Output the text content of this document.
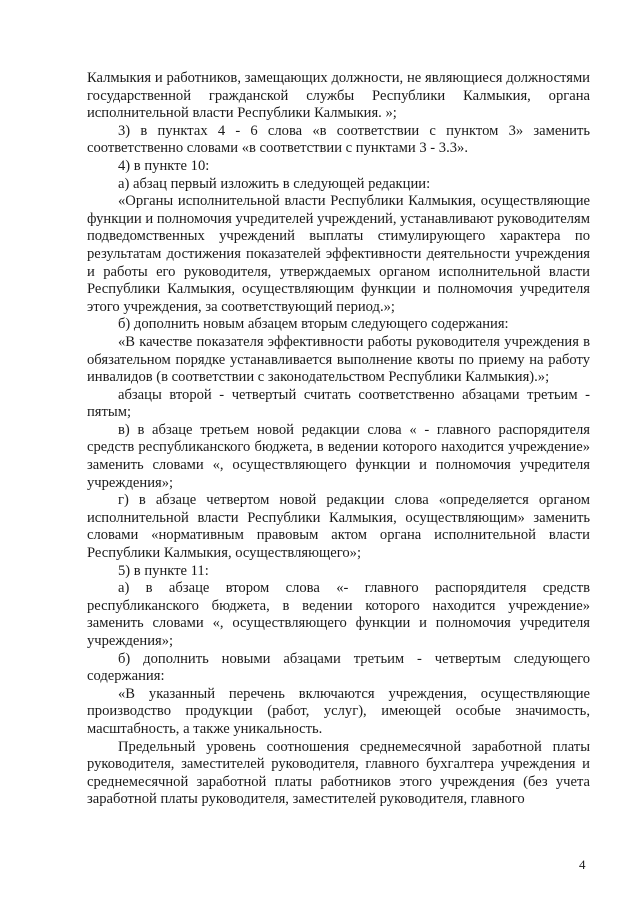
Калмыкия и работников, замещающих должности, не являющиеся должностями государственной гражданской службы Республики Калмыкия, органа исполнительной власти Республики Калмыкия. »;

3) в пунктах 4 - 6 слова «в соответствии с пунктом 3» заменить соответственно словами «в соответствии с пунктами 3 - 3.3».

4) в пункте 10:

а) абзац первый изложить в следующей редакции:

«Органы исполнительной власти Республики Калмыкия, осуществляющие функции и полномочия учредителей учреждений, устанавливают руководителям подведомственных учреждений выплаты стимулирующего характера по результатам достижения показателей эффективности деятельности учреждения и работы его руководителя, утверждаемых органом исполнительной власти Республики Калмыкия, осуществляющим функции и полномочия учредителя этого учреждения, за соответствующий период.»;

б) дополнить новым абзацем вторым следующего содержания:

«В качестве показателя эффективности работы руководителя учреждения в обязательном порядке устанавливается выполнение квоты по приему на работу инвалидов (в соответствии с законодательством Республики Калмыкия).»;

абзацы второй - четвертый считать соответственно абзацами третьим - пятым;

в) в абзаце третьем новой редакции слова « - главного распорядителя средств республиканского бюджета, в ведении которого находится учреждение» заменить словами «, осуществляющего функции и полномочия учредителя учреждения»;

г) в абзаце четвертом новой редакции слова «определяется органом исполнительной власти Республики Калмыкия, осуществляющим» заменить словами «нормативным правовым актом органа исполнительной власти Республики Калмыкия, осуществляющего»;

5) в пункте 11:

а) в абзаце втором слова «- главного распорядителя средств республиканского бюджета, в ведении которого находится учреждение» заменить словами «, осуществляющего функции и полномочия учредителя учреждения»;

б) дополнить новыми абзацами третьим - четвертым следующего содержания:

«В указанный перечень включаются учреждения, осуществляющие производство продукции (работ, услуг), имеющей особые значимость, масштабность, а также уникальность.

Предельный уровень соотношения среднемесячной заработной платы руководителя, заместителей руководителя, главного бухгалтера учреждения и среднемесячной заработной платы работников этого учреждения (без учета заработной платы руководителя, заместителей руководителя, главного

4
